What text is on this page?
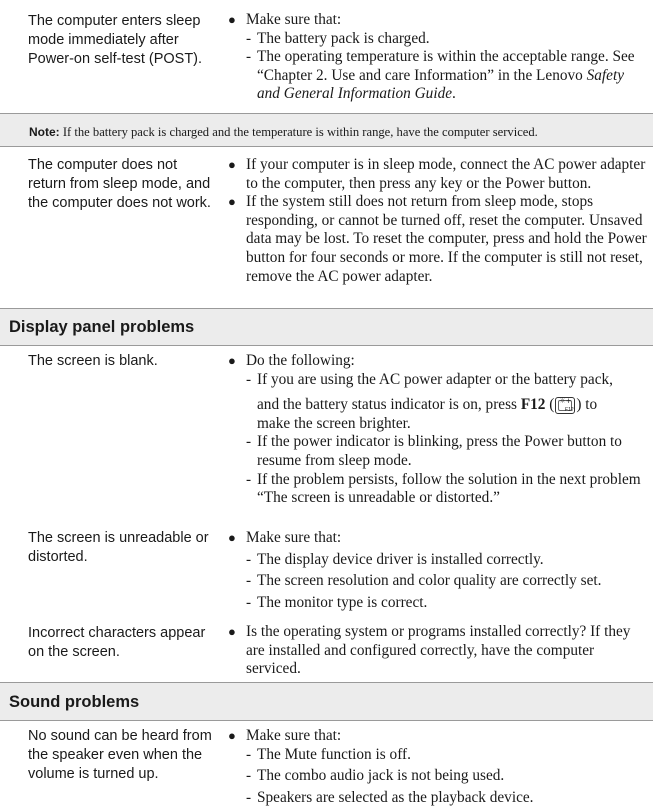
The computer enters sleep mode immediately after Power-on self-test (POST).
● Make sure that:
- The battery pack is charged.
- The operating temperature is within the acceptable range. See “Chapter 2. Use and care Information” in the Lenovo Safety and General Information Guide.
Note: If the battery pack is charged and the temperature is within range, have the computer serviced.
The computer does not return from sleep mode, and the computer does not work.
● If your computer is in sleep mode, connect the AC power adapter to the computer, then press any key or the Power button.
● If the system still does not return from sleep mode, stops responding, or cannot be turned off, reset the computer. Unsaved data may be lost. To reset the computer, press and hold the Power button for four seconds or more. If the computer is still not reset, remove the AC power adapter.
Display panel problems
The screen is blank.	● Do the following:
- If you are using the AC power adapter or the battery pack,
and the battery status indicator is on, press F12 ( ☼+
F12 ) to
make the screen brighter.
- If the power indicator is blinking, press the Power button to resume from sleep mode.
- If the problem persists, follow the solution in the next problem “The screen is unreadable or distorted.”
The screen is unreadable or distorted.
● Make sure that:
- The display device driver is installed correctly.
- The screen resolution and color quality are correctly set.
- The monitor type is correct.
Incorrect characters appear on the screen.
● Is the operating system or programs installed correctly? If they are installed and configured correctly, have the computer serviced.
Sound problems
No sound can be heard from the speaker even when the volume is turned up.
● Make sure that:
- The Mute function is off.
- The combo audio jack is not being used.
- Speakers are selected as the playback device.
